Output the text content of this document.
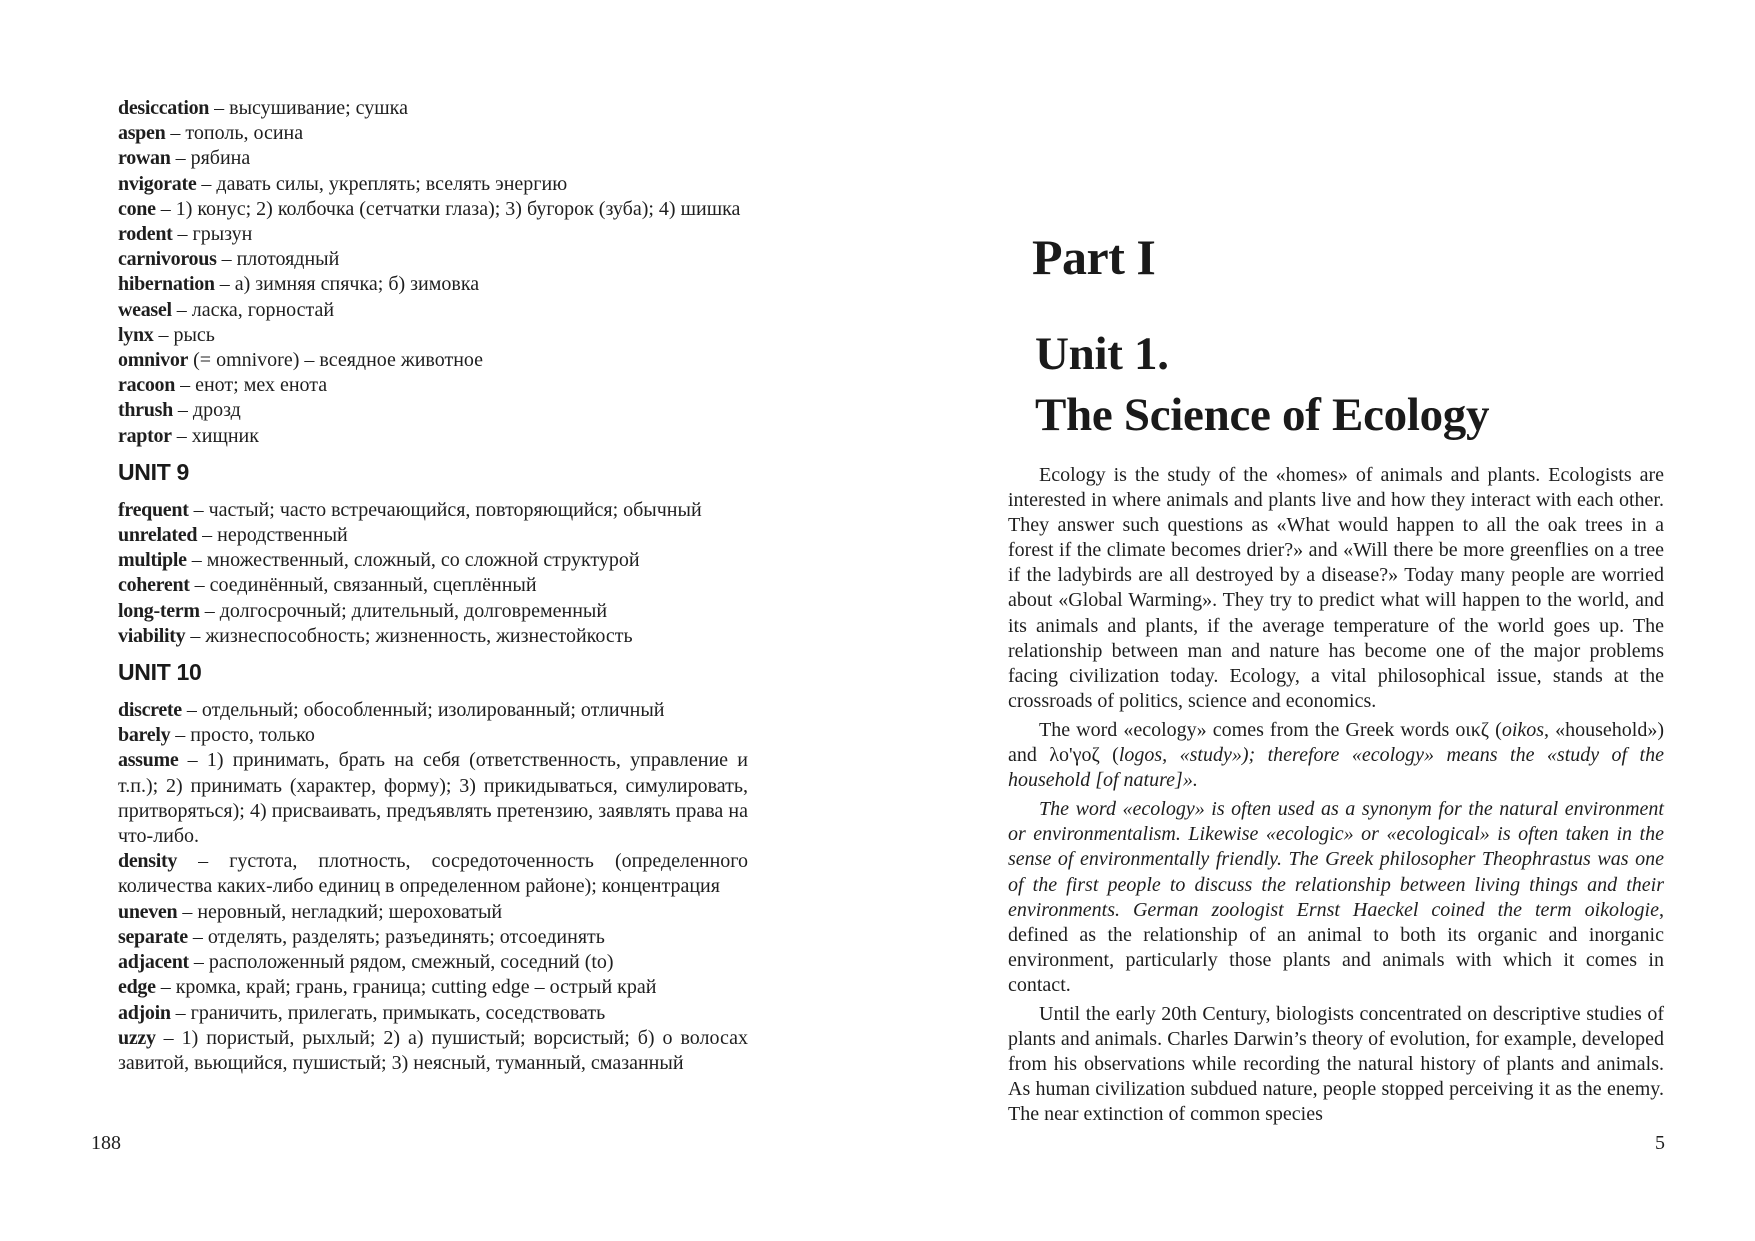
desiccation – высушивание; сушка

aspen – тополь, осина

rowan – рябина

nvigorate – давать силы, укреплять; вселять энергию

cone – 1) конус; 2) колбочка (сетчатки глаза); 3) бугорок (зуба); 4) шишка

rodent – грызун

carnivorous – плотоядный

hibernation – а) зимняя спячка; б) зимовка

weasel – ласка, горностай

lynx – рысь

omnivor (= omnivore) – всеядное животное

racoon – енот; мех енота

thrush – дрозд

raptor – хищник

UNIT 9

frequent – частый; часто встречающийся, повторяющийся; обычный

unrelated – неродственный

multiple – множественный, сложный, со сложной структурой

coherent – соединённый, связанный, сцеплённый

long-term – долгосрочный; длительный, долговременный

viability – жизнеспособность; жизненность, жизнестойкость

UNIT 10

discrete – отдельный; обособленный; изолированный; отличный

barely – просто, только

assume – 1) принимать, брать на себя (ответственность, управление и т.п.); 2) принимать (характер, форму); 3) прикидываться, симулировать, притворяться); 4) присваивать, предъявлять претензию, заявлять права на что-либо.

density – густота, плотность, сосредоточенность (определенного количества каких-либо единиц в определенном районе); концентрация

uneven – неровный, негладкий; шероховатый

separate – отделять, разделять; разъединять; отсоединять

adjacent – расположенный рядом, смежный, соседний (to)

edge – кромка, край; грань, граница; cutting edge – острый край

adjoin – граничить, прилегать, примыкать, соседствовать

uzzy – 1) пористый, рыхлый; 2) а) пушистый; ворсистый; б) о волосах завитой, вьющийся, пушистый; 3) неясный, туманный, смазанный

188
Part I
Unit 1.
The Science of Ecology

Ecology is the study of the «homes» of animals and plants. Ecologists are interested in where animals and plants live and how they interact with each other. They answer such questions as «What would happen to all the oak trees in a forest if the climate becomes drier?» and «Will there be more greenflies on a tree if the ladybirds are all destroyed by a disease?» Today many people are worried about «Global Warming». They try to predict what will happen to the world, and its animals and plants, if the average temperature of the world goes up. The relationship between man and nature has become one of the major problems facing civilization today. Ecology, a vital philosophical issue, stands at the crossroads of politics, science and economics.

The word «ecology» comes from the Greek words οικζ (oikos, «household») and λο'γοζ (logos, «study»); therefore «ecology» means the «study of the household [of nature]».

The word «ecology» is often used as a synonym for the natural environment or environmentalism. Likewise «ecologic» or «ecological» is often taken in the sense of environmentally friendly. The Greek philosopher Theophrastus was one of the first people to discuss the relationship between living things and their environments. German zoologist Ernst Haeckel coined the term oikologie, defined as the relationship of an animal to both its organic and inorganic environment, particularly those plants and animals with which it comes in contact.

Until the early 20th Century, biologists concentrated on descriptive studies of plants and animals. Charles Darwin’s theory of evolution, for example, developed from his observations while recording the natural history of plants and animals. As human civilization subdued nature, people stopped perceiving it as the enemy. The near extinction of common species

5
